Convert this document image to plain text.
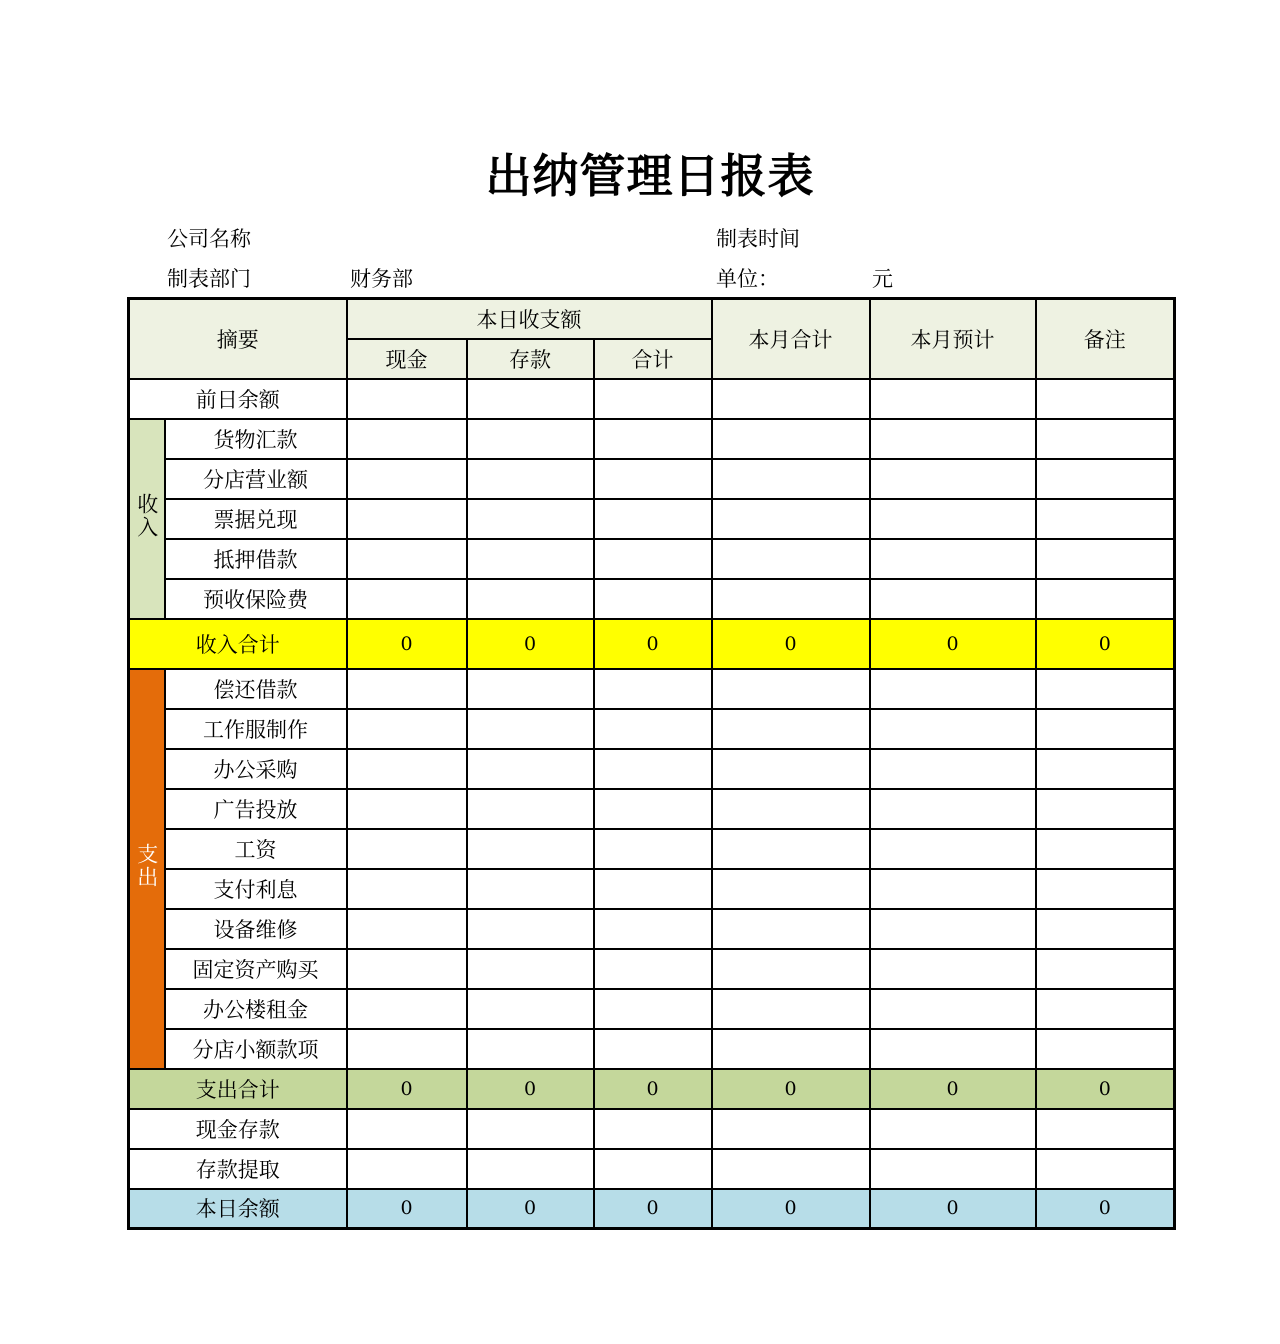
出纳管理日报表
公司名称	制表时间
制表部门	财务部	单位：	元
摘要		本日收支额			本月合计	本月预计	备注
		现金	存款	合计			
前日余额							
收入	货物汇款						
	分店营业额						
	票据兑现						
	抵押借款						
	预收保险费						
收入合计		0	0	0	0	0	0
支出	偿还借款						
	工作服制作						
	办公采购						
	广告投放						
	工资						
	支付利息						
	设备维修						
	固定资产购买						
	办公楼租金						
	分店小额款项						
支出合计		0	0	0	0	0	0
现金存款							
存款提取							
本日余额		0	0	0	0	0	0
